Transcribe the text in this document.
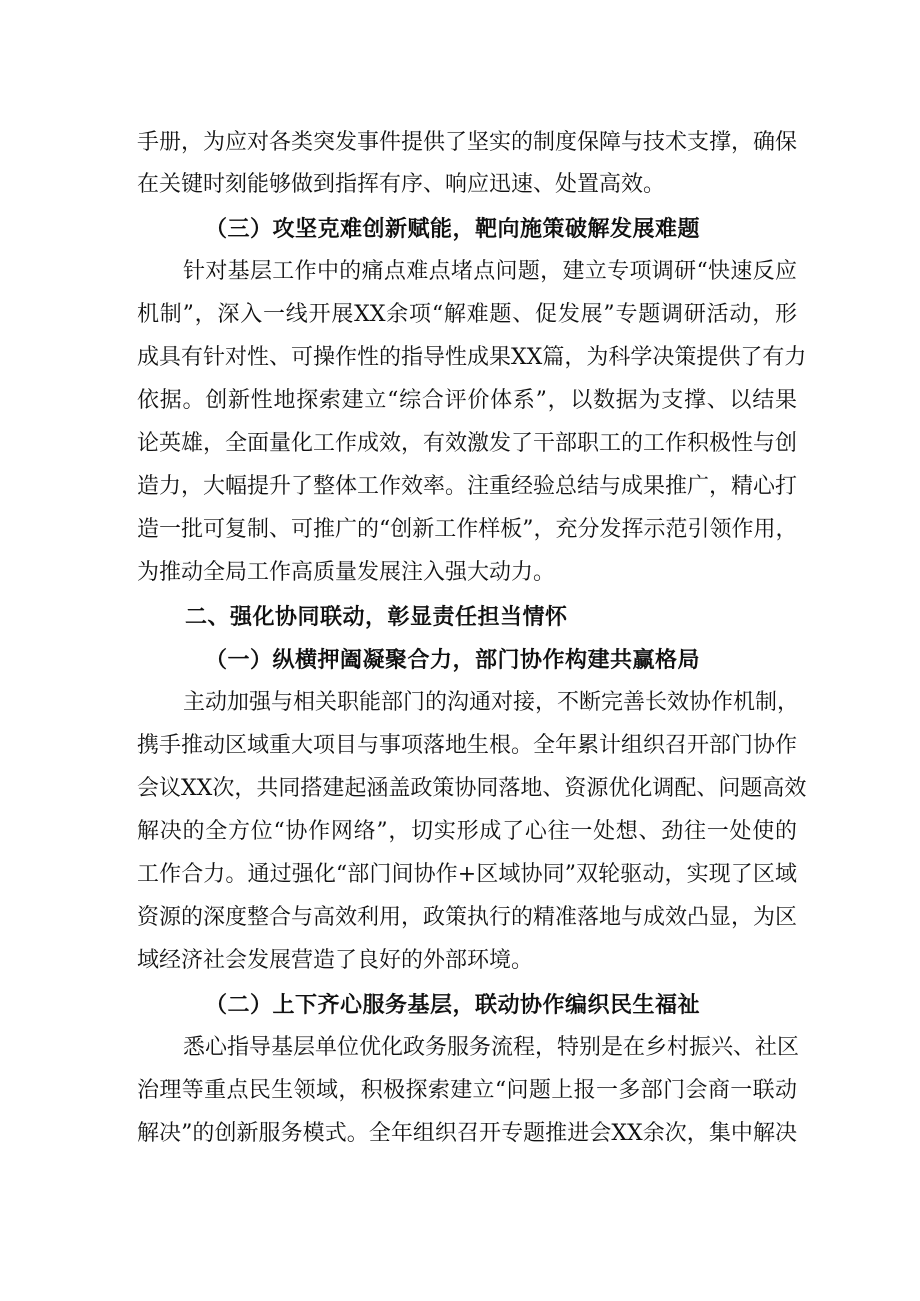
手册，为应对各类突发事件提供了坚实的制度保障与技术支撑，确保
在关键时刻能够做到指挥有序、响应迅速、处置高效。
（三）攻坚克难创新赋能，靶向施策破解发展难题
针对基层工作中的痛点难点堵点问题，建立专项调研“快速反应
机制”，深入一线开展XX余项“解难题、促发展”专题调研活动，形
成具有针对性、可操作性的指导性成果XX篇，为科学决策提供了有力
依据。创新性地探索建立“综合评价体系”，以数据为支撑、以结果
论英雄，全面量化工作成效，有效激发了干部职工的工作积极性与创
造力，大幅提升了整体工作效率。注重经验总结与成果推广，精心打
造一批可复制、可推广的“创新工作样板”，充分发挥示范引领作用，
为推动全局工作高质量发展注入强大动力。
二、强化协同联动，彰显责任担当情怀
（一）纵横押阖凝聚合力，部门协作构建共赢格局
主动加强与相关职能部门的沟通对接，不断完善长效协作机制，
携手推动区域重大项目与事项落地生根。全年累计组织召开部门协作
会议XX次，共同搭建起涵盖政策协同落地、资源优化调配、问题高效
解决的全方位“协作网络”，切实形成了心往一处想、劲往一处使的
工作合力。通过强化“部门间协作+区域协同”双轮驱动，实现了区域
资源的深度整合与高效利用，政策执行的精准落地与成效凸显，为区
域经济社会发展营造了良好的外部环境。
（二）上下齐心服务基层，联动协作编织民生福祉
悉心指导基层单位优化政务服务流程，特别是在乡村振兴、社区
治理等重点民生领域，积极探索建立“问题上报一多部门会商一联动
解决”的创新服务模式。全年组织召开专题推进会XX余次，集中解决
